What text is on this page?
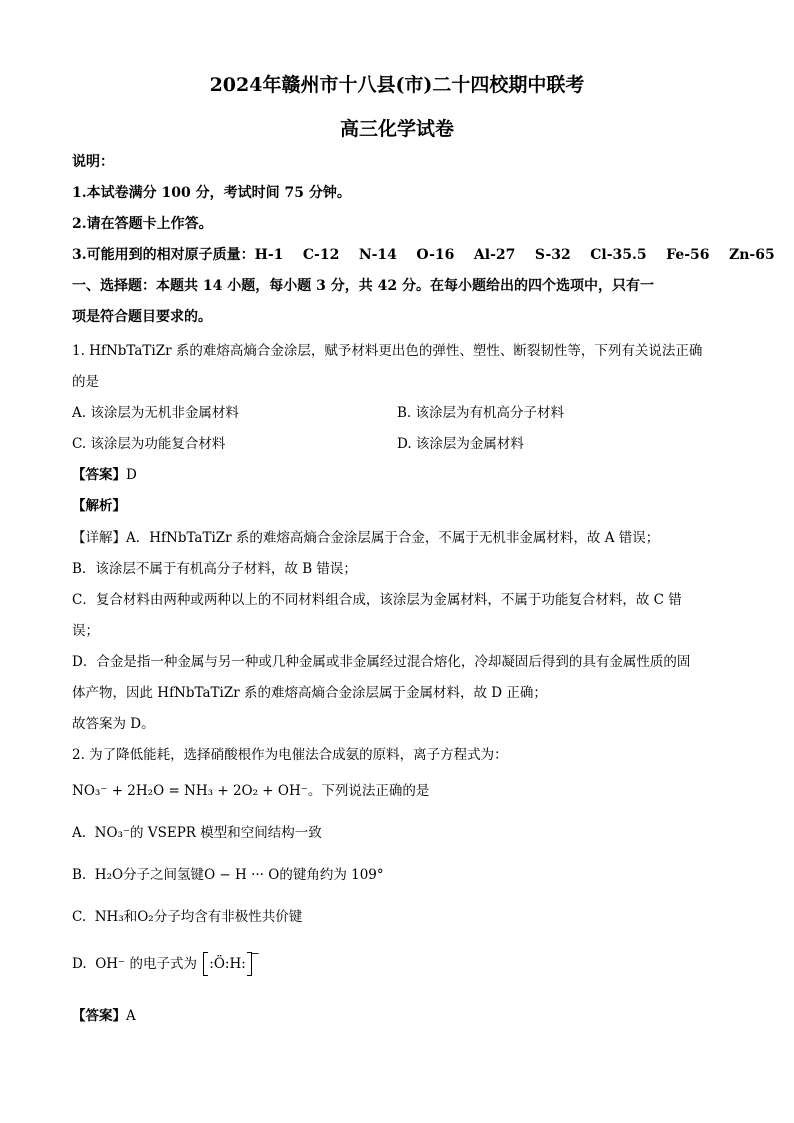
2024年赣州市十八县(市)二十四校期中联考
高三化学试卷
说明：
1.本试卷满分 100 分，考试时间 75 分钟。
2.请在答题卡上作答。
3.可能用到的相对原子质量：H-1    C-12    N-14    O-16    Al-27    S-32    Cl-35.5    Fe-56    Zn-65
一、选择题：本题共 14 小题，每小题 3 分，共 42 分。在每小题给出的四个选项中，只有一
项是符合题目要求的。
1. HfNbTaTiZr 系的难熔高熵合金涂层，赋予材料更出色的弹性、塑性、断裂韧性等，下列有关说法正确
的是
A. 该涂层为无机非金属材料	B. 该涂层为有机高分子材料
C. 该涂层为功能复合材料	D. 该涂层为金属材料
【答案】D
【解析】
【详解】A．HfNbTaTiZr 系的难熔高熵合金涂层属于合金，不属于无机非金属材料，故 A 错误；
B．该涂层不属于有机高分子材料，故 B 错误；
C．复合材料由两种或两种以上的不同材料组合成，该涂层为金属材料，不属于功能复合材料，故 C 错
误；
D．合金是指一种金属与另一种或几种金属或非金属经过混合熔化，冷却凝固后得到的具有金属性质的固
体产物，因此 HfNbTaTiZr 系的难熔高熵合金涂层属于金属材料，故 D 正确；
故答案为 D。
2. 为了降低能耗，选择硝酸根作为电催法合成氨的原料，离子方程式为：
NO₃⁻ + 2H₂O = NH₃ + 2O₂ + OH⁻。下列说法正确的是
A.  NO₃⁻的 VSEPR 模型和空间结构一致
B.  H₂O分子之间氢键O − H ··· O的键角约为 109°
C.  NH₃和O₂分子均含有非极性共价键
D.  OH⁻ 的电子式为 :Ö:H:
−
【答案】A
